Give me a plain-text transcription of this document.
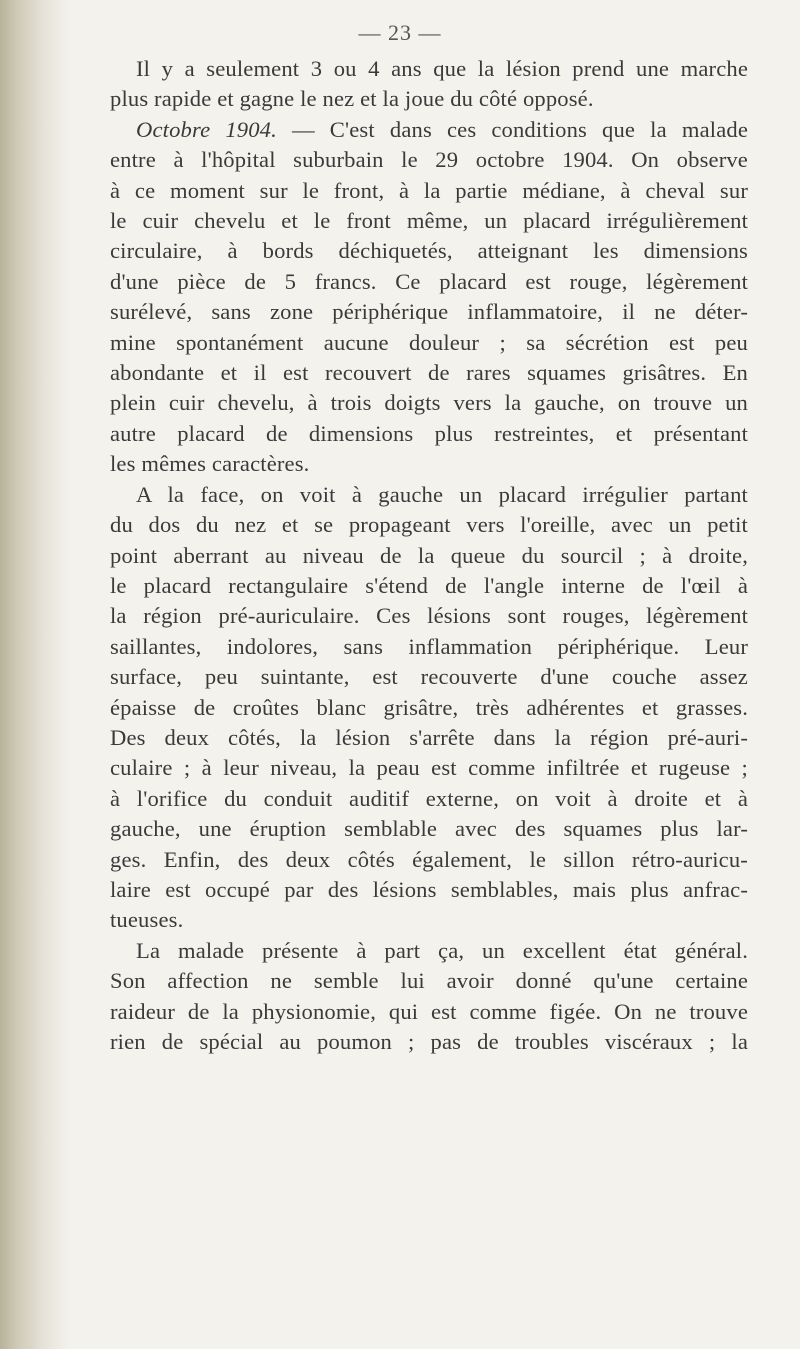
— 23 —
Il y a seulement 3 ou 4 ans que la lésion prend une marche
plus rapide et gagne le nez et la joue du côté opposé.
Octobre 1904. — C'est dans ces conditions que la malade
entre à l'hôpital suburbain le 29 octobre 1904. On observe
à ce moment sur le front, à la partie médiane, à cheval sur
le cuir chevelu et le front même, un placard irrégulièrement
circulaire, à bords déchiquetés, atteignant les dimensions
d'une pièce de 5 francs. Ce placard est rouge, légèrement
surélevé, sans zone périphérique inflammatoire, il ne déter-
mine spontanément aucune douleur ; sa sécrétion est peu
abondante et il est recouvert de rares squames grisâtres. En
plein cuir chevelu, à trois doigts vers la gauche, on trouve un
autre placard de dimensions plus restreintes, et présentant
les mêmes caractères.
A la face, on voit à gauche un placard irrégulier partant
du dos du nez et se propageant vers l'oreille, avec un petit
point aberrant au niveau de la queue du sourcil ; à droite,
le placard rectangulaire s'étend de l'angle interne de l'œil à
la région pré-auriculaire. Ces lésions sont rouges, légèrement
saillantes, indolores, sans inflammation périphérique. Leur
surface, peu suintante, est recouverte d'une couche assez
épaisse de croûtes blanc grisâtre, très adhérentes et grasses.
Des deux côtés, la lésion s'arrête dans la région pré-auri-
culaire ; à leur niveau, la peau est comme infiltrée et rugeuse ;
à l'orifice du conduit auditif externe, on voit à droite et à
gauche, une éruption semblable avec des squames plus lar-
ges. Enfin, des deux côtés également, le sillon rétro-auricu-
laire est occupé par des lésions semblables, mais plus anfrac-
tueuses.
La malade présente à part ça, un excellent état général.
Son affection ne semble lui avoir donné qu'une certaine
raideur de la physionomie, qui est comme figée. On ne trouve
rien de spécial au poumon ; pas de troubles viscéraux ; la
